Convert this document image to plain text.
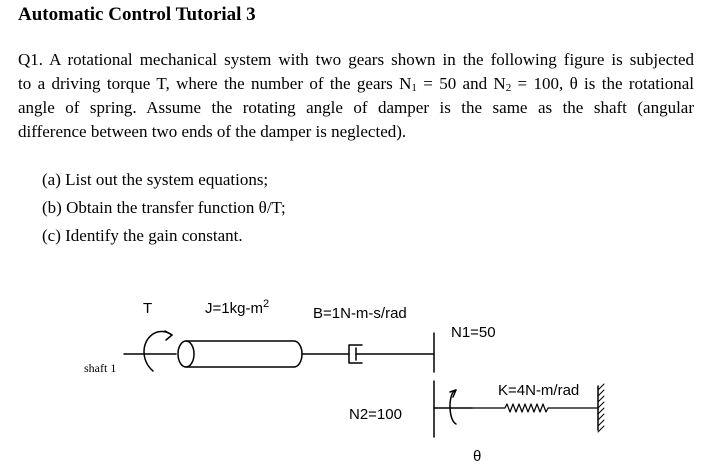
Automatic Control Tutorial 3
Q1. A rotational mechanical system with two gears shown in the following figure is subjected
to a driving torque T, where the number of the gears $N_1 = 50$ and $N_2 = 100$, θ is the rotational
angle of spring. Assume the rotating angle of damper is the same as the shaft (angular
difference between two ends of the damper is neglected).
(a) List out the system equations;
(b) Obtain the transfer function θ/T;
(c) Identify the gain constant.
T	$J=1kg-m^2$
B=1N-m-s/rad
N1=50
N2=100
K=4N-m/rad
shaft 1
θ
